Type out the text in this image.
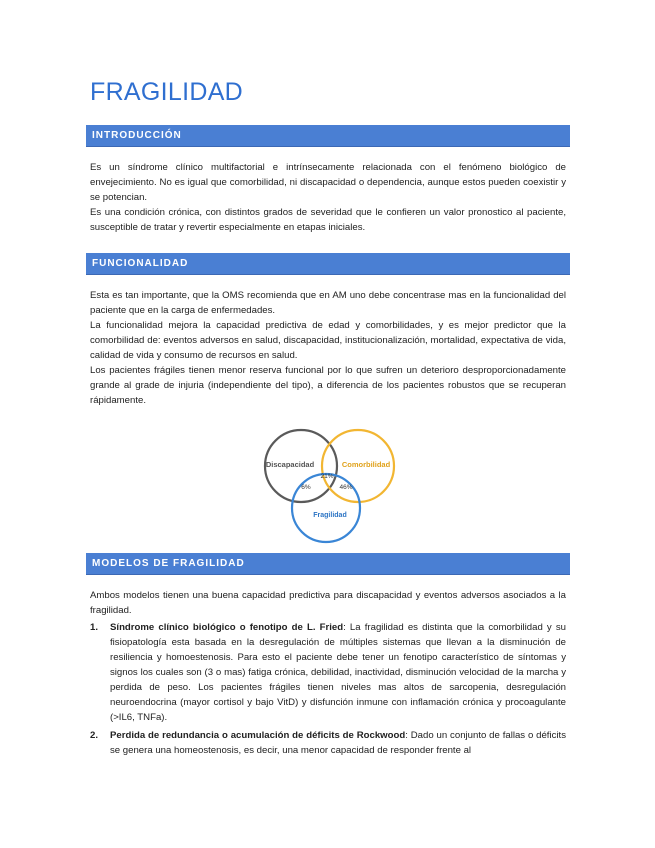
FRAGILIDAD
INTRODUCCIÓN

Es un síndrome clínico multifactorial e intrínsecamente relacionada con el fenómeno biológico de envejecimiento. No es igual que comorbilidad, ni discapacidad o dependencia, aunque estos pueden coexistir y se potencian.

Es una condición crónica, con distintos grados de severidad que le confieren un valor pronostico al paciente, susceptible de tratar y revertir especialmente en etapas iniciales.

FUNCIONALIDAD

Esta es tan importante, que la OMS recomienda que en AM uno debe concentrase mas en la funcionalidad del paciente que en la carga de enfermedades.

La funcionalidad mejora la capacidad predictiva de edad y comorbilidades, y es mejor predictor que la comorbilidad de: eventos adversos en salud, discapacidad, institucionalización, mortalidad, expectativa de vida, calidad de vida y consumo de recursos en salud.

Los pacientes frágiles tienen menor reserva funcional por lo que sufren un deterioro desproporcionadamente grande al grade de injuria (independiente del tipo), a diferencia de los pacientes robustos que se recuperan rápidamente.

Discapacidad	Comorbilidad
Fragilidad
21%
6%	46%
MODELOS DE FRAGILIDAD
Ambos modelos tienen una buena capacidad predictiva para discapacidad y eventos adversos asociados a la fragilidad.
1. Síndrome clínico biológico o fenotipo de L. Fried: La fragilidad es distinta que la comorbilidad y su fisiopatología esta basada en la desregulación de múltiples sistemas que llevan a la disminución de resiliencia y homoestenosis. Para esto el paciente debe tener un fenotipo característico de síntomas y signos los cuales son (3 o mas) fatiga crónica, debilidad, inactividad, disminución velocidad de la marcha y perdida de peso. Los pacientes frágiles tienen niveles mas altos de sarcopenia, desregulación neuroendocrina (mayor cortisol y bajo VitD) y disfunción inmune con inflamación crónica y procoagulante (>IL6, TNFa).
2. Perdida de redundancia o acumulación de déficits de Rockwood: Dado un conjunto de fallas o déficits se genera una homeostenosis, es decir, una menor capacidad de responder frente al
